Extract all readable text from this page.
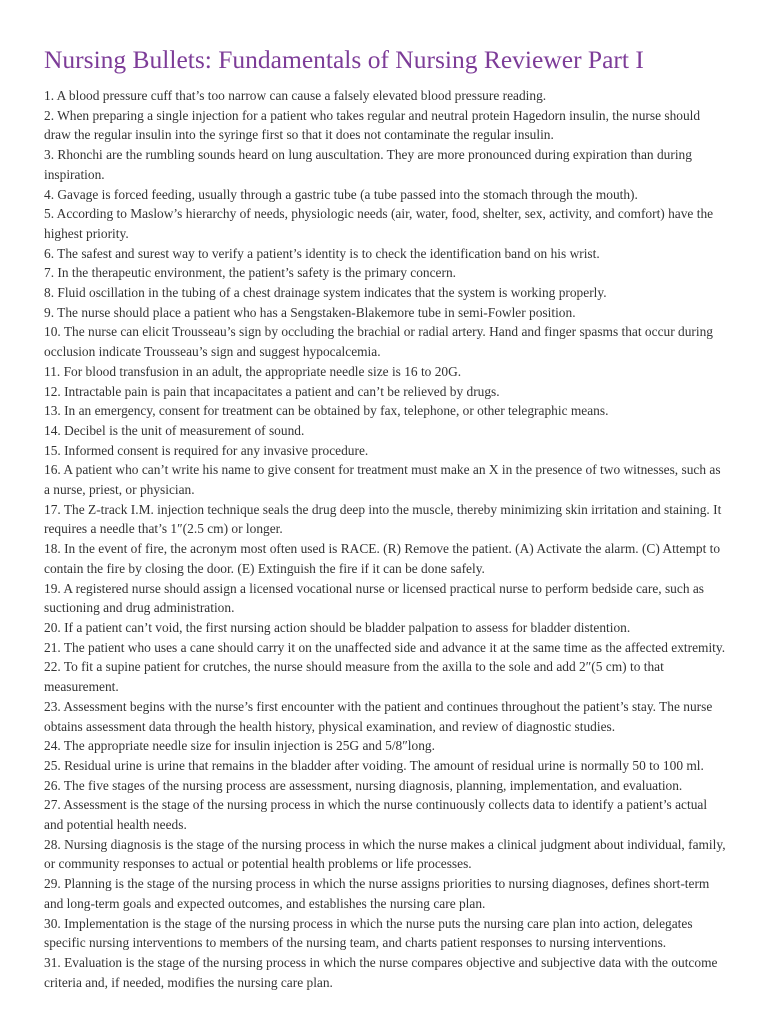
Nursing Bullets: Fundamentals of Nursing Reviewer Part I
1. A blood pressure cuff that’s too narrow can cause a falsely elevated blood pressure reading.
2. When preparing a single injection for a patient who takes regular and neutral protein Hagedorn insulin, the nurse should draw the regular insulin into the syringe first so that it does not contaminate the regular insulin.
3. Rhonchi are the rumbling sounds heard on lung auscultation. They are more pronounced during expiration than during inspiration.
4. Gavage is forced feeding, usually through a gastric tube (a tube passed into the stomach through the mouth).
5. According to Maslow’s hierarchy of needs, physiologic needs (air, water, food, shelter, sex, activity, and comfort) have the highest priority.
6. The safest and surest way to verify a patient’s identity is to check the identification band on his wrist.
7. In the therapeutic environment, the patient’s safety is the primary concern.
8. Fluid oscillation in the tubing of a chest drainage system indicates that the system is working properly.
9. The nurse should place a patient who has a Sengstaken-Blakemore tube in semi-Fowler position.
10. The nurse can elicit Trousseau’s sign by occluding the brachial or radial artery. Hand and finger spasms that occur during occlusion indicate Trousseau’s sign and suggest hypocalcemia.
11. For blood transfusion in an adult, the appropriate needle size is 16 to 20G.
12. Intractable pain is pain that incapacitates a patient and can’t be relieved by drugs.
13. In an emergency, consent for treatment can be obtained by fax, telephone, or other telegraphic means.
14. Decibel is the unit of measurement of sound.
15. Informed consent is required for any invasive procedure.
16. A patient who can’t write his name to give consent for treatment must make an X in the presence of two witnesses, such as a nurse, priest, or physician.
17. The Z-track I.M. injection technique seals the drug deep into the muscle, thereby minimizing skin irritation and staining. It requires a needle that’s 1″(2.5 cm) or longer.
18. In the event of fire, the acronym most often used is RACE. (R) Remove the patient. (A) Activate the alarm. (C) Attempt to contain the fire by closing the door. (E) Extinguish the fire if it can be done safely.
19. A registered nurse should assign a licensed vocational nurse or licensed practical nurse to perform bedside care, such as suctioning and drug administration.
20. If a patient can’t void, the first nursing action should be bladder palpation to assess for bladder distention.
21. The patient who uses a cane should carry it on the unaffected side and advance it at the same time as the affected extremity.
22. To fit a supine patient for crutches, the nurse should measure from the axilla to the sole and add 2″(5 cm) to that measurement.
23. Assessment begins with the nurse’s first encounter with the patient and continues throughout the patient’s stay. The nurse obtains assessment data through the health history, physical examination, and review of diagnostic studies.
24. The appropriate needle size for insulin injection is 25G and 5/8″long.
25. Residual urine is urine that remains in the bladder after voiding. The amount of residual urine is normally 50 to 100 ml.
26. The five stages of the nursing process are assessment, nursing diagnosis, planning, implementation, and evaluation.
27. Assessment is the stage of the nursing process in which the nurse continuously collects data to identify a patient’s actual and potential health needs.
28. Nursing diagnosis is the stage of the nursing process in which the nurse makes a clinical judgment about individual, family, or community responses to actual or potential health problems or life processes.
29. Planning is the stage of the nursing process in which the nurse assigns priorities to nursing diagnoses, defines short-term and long-term goals and expected outcomes, and establishes the nursing care plan.
30. Implementation is the stage of the nursing process in which the nurse puts the nursing care plan into action, delegates specific nursing interventions to members of the nursing team, and charts patient responses to nursing interventions.
31. Evaluation is the stage of the nursing process in which the nurse compares objective and subjective data with the outcome criteria and, if needed, modifies the nursing care plan.
